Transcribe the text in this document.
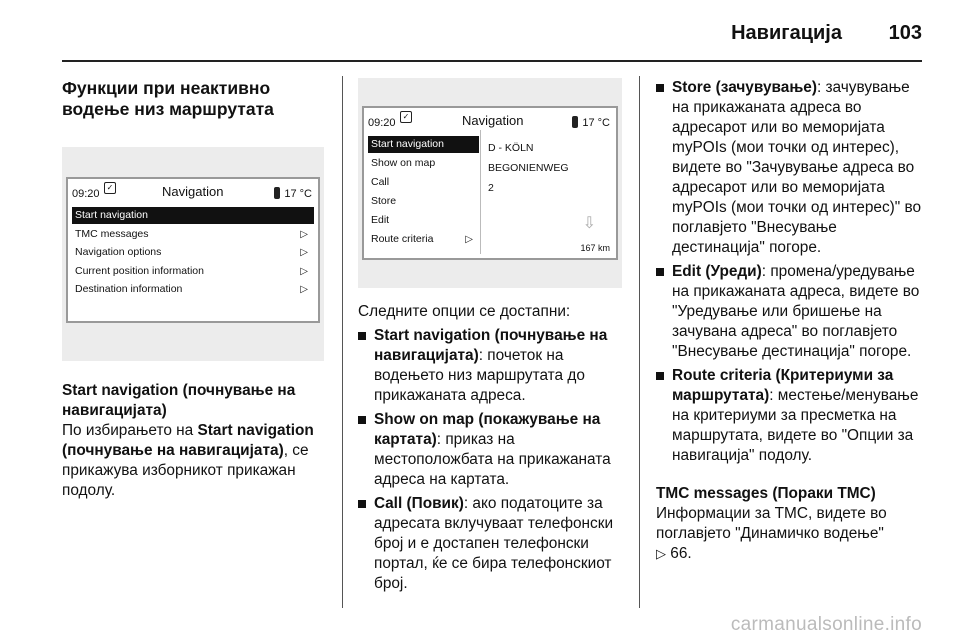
Навигација 103
Функции при неактивно водење низ маршрутата
09:20
✓	Navigation	17 °C
Start navigation
TMC messages	▷
Navigation options	▷
Current position information	▷
Destination information	▷

Start navigation (почнување на навигацијата)

По избирањето на Start navigation (почнување на навигацијата), се прикажува изборникот прикажан подолу.

09:20
✓	Navigation	17 °C
Start navigation
Show on map
Call
Store
Edit
Route criteria	▷
D - KÖLN
BEGONIENWEG
2
⇩
167 km

Следните опции се достапни:

Start navigation (почнување на навигацијата): почеток на водењето низ маршрутата до прикажаната адреса.
Show on map (покажување на картата): приказ на местоположбата на прикажаната адреса на картата.
Call (Повик): ако податоците за адресата вклучуваат телефонски број и е достапен телефонски портал, ќе се бира телефонскиот број.
Store (зачувување): зачувување на прикажаната адреса во адресарот или во меморијата myPOIs (мои точки од интерес), видете во "Зачувување адреса во адресарот или во меморијата myPOIs (мои точки од интерес)" во поглавјето "Внесување дестинација" погоре.
Edit (Уреди): промена/уредување на прикажаната адреса, видете во "Уредување или бришење на зачувана адреса" во поглавјето "Внесување дестинација" погоре.
Route criteria (Критериуми за маршрутата): местење/менување на критериуми за пресметка на маршрутата, видете во "Опции за навигација" подолу.

TMC messages (Пораки TMC)

Информации за TMC, видете во поглавјето "Динамичко водење"
▷ 66.

carmanualsonline.info
